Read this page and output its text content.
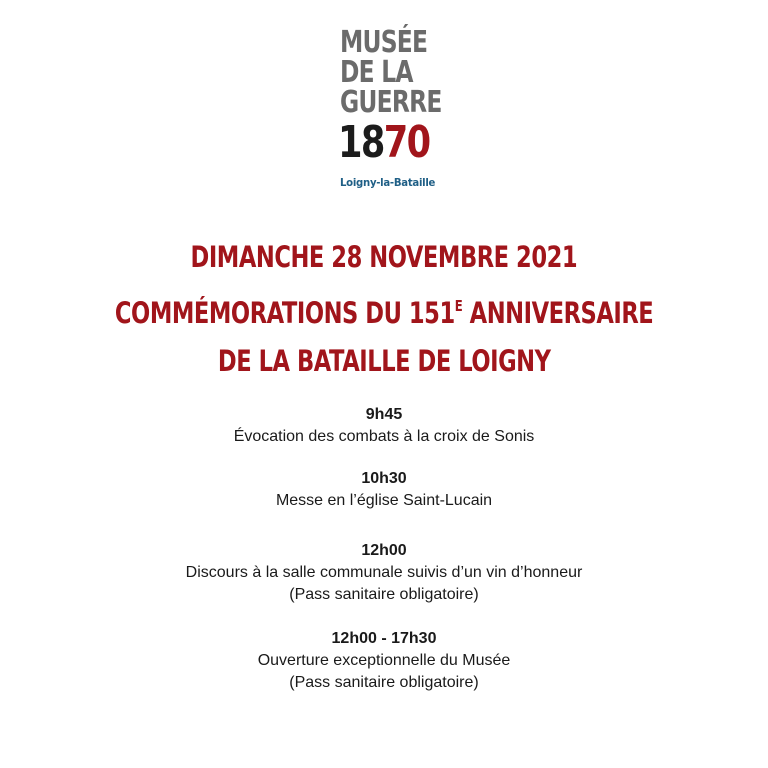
MUSÉE
DE LA
GUERRE
1870
Loigny-la-Bataille
DIMANCHE 28 NOVEMBRE 2021
COMMÉMORATIONS DU $151^E$ ANNIVERSAIRE
DE LA BATAILLE DE LOIGNY
9h45
Évocation des combats à la croix de Sonis
10h30
Messe en l’église Saint-Lucain
12h00
Discours à la salle communale suivis d’un vin d’honneur
(Pass sanitaire obligatoire)
12h00 - 17h30
Ouverture exceptionnelle du Musée
(Pass sanitaire obligatoire)
